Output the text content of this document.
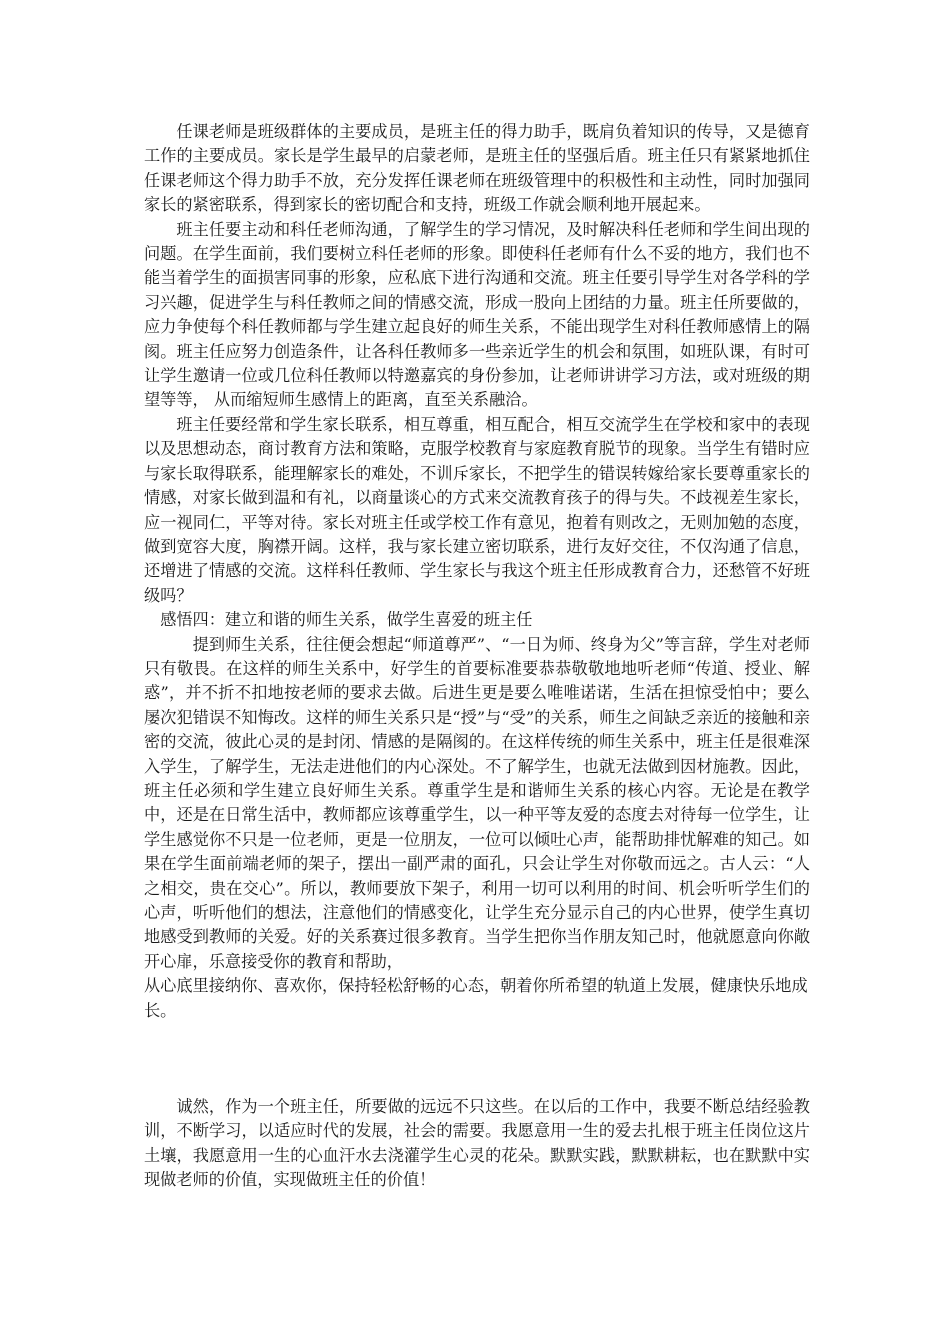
任课老师是班级群体的主要成员，是班主任的得力助手，既肩负着知识的传导，又是德育工作的主要成员。家长是学生最早的启蒙老师，是班主任的坚强后盾。班主任只有紧紧地抓住任课老师这个得力助手不放，充分发挥任课老师在班级管理中的积极性和主动性，同时加强同家长的紧密联系，得到家长的密切配合和支持，班级工作就会顺利地开展起来。

班主任要主动和科任老师沟通，了解学生的学习情况，及时解决科任老师和学生间出现的问题。在学生面前，我们要树立科任老师的形象。即使科任老师有什么不妥的地方，我们也不能当着学生的面损害同事的形象，应私底下进行沟通和交流。班主任要引导学生对各学科的学习兴趣，促进学生与科任教师之间的情感交流，形成一股向上团结的力量。班主任所要做的，应力争使每个科任教师都与学生建立起良好的师生关系，不能出现学生对科任教师感情上的隔阂。班主任应努力创造条件，让各科任教师多一些亲近学生的机会和氛围，如班队课，有时可让学生邀请一位或几位科任教师以特邀嘉宾的身份参加，让老师讲讲学习方法，或对班级的期望等等， 从而缩短师生感情上的距离，直至关系融洽。

班主任要经常和学生家长联系，相互尊重，相互配合，相互交流学生在学校和家中的表现以及思想动态，商讨教育方法和策略，克服学校教育与家庭教育脱节的现象。当学生有错时应与家长取得联系，能理解家长的难处，不训斥家长，不把学生的错误转嫁给家长要尊重家长的情感，对家长做到温和有礼，以商量谈心的方式来交流教育孩子的得与失。不歧视差生家长，应一视同仁，平等对待。家长对班主任或学校工作有意见，抱着有则改之，无则加勉的态度，做到宽容大度，胸襟开阔。这样，我与家长建立密切联系，进行友好交往，不仅沟通了信息，还增进了情感的交流。这样科任教师、学生家长与我这个班主任形成教育合力，还愁管不好班级吗？

感悟四：建立和谐的师生关系，做学生喜爱的班主任

提到师生关系，往往便会想起“师道尊严”、“一日为师、终身为父”等言辞，学生对老师只有敬畏。在这样的师生关系中，好学生的首要标准要恭恭敬敬地地听老师“传道、授业、解惑”，并不折不扣地按老师的要求去做。后进生更是要么唯唯诺诺，生活在担惊受怕中；要么屡次犯错误不知悔改。这样的师生关系只是“授”与“受”的关系，师生之间缺乏亲近的接触和亲密的交流，彼此心灵的是封闭、情感的是隔阂的。在这样传统的师生关系中，班主任是很难深入学生，了解学生，无法走进他们的内心深处。不了解学生，也就无法做到因材施教。因此，班主任必须和学生建立良好师生关系。尊重学生是和谐师生关系的核心内容。无论是在教学中，还是在日常生活中，教师都应该尊重学生，以一种平等友爱的态度去对待每一位学生，让学生感觉你不只是一位老师，更是一位朋友，一位可以倾吐心声，能帮助排忧解难的知己。如果在学生面前端老师的架子，摆出一副严肃的面孔，只会让学生对你敬而远之。古人云：“人之相交，贵在交心”。所以，教师要放下架子，利用一切可以利用的时间、机会听听学生们的心声，听听他们的想法，注意他们的情感变化，让学生充分显示自己的内心世界，使学生真切地感受到教师的关爱。好的关系赛过很多教育。当学生把你当作朋友知己时，他就愿意向你敞开心扉，乐意接受你的教育和帮助，

从心底里接纳你、喜欢你，保持轻松舒畅的心态，朝着你所希望的轨道上发展，健康快乐地成长。

诚然，作为一个班主任，所要做的远远不只这些。在以后的工作中，我要不断总结经验教训，不断学习，以适应时代的发展，社会的需要。我愿意用一生的爱去扎根于班主任岗位这片土壤，我愿意用一生的心血汗水去浇灌学生心灵的花朵。默默实践，默默耕耘，也在默默中实现做老师的价值，实现做班主任的价值！
